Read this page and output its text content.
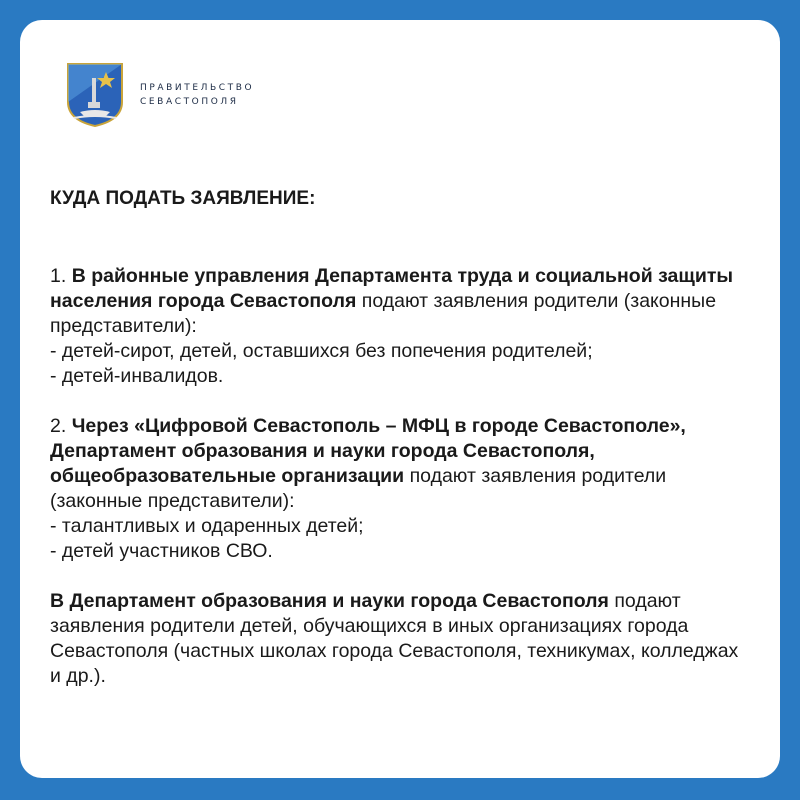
ПРАВИТЕЛЬСТВО
СЕВАСТОПОЛЯ
КУДА ПОДАТЬ ЗАЯВЛЕНИЕ:

1. В районные управления Департамента труда и социальной защиты населения города Севастополя подают заявления родители (законные представители):
- детей-сирот, детей, оставшихся без попечения родителей;
- детей-инвалидов.

2. Через «Цифровой Севастополь – МФЦ в городе Севастополе», Департамент образования и науки города Севастополя, общеобразовательные организации подают заявления родители (законные представители):
- талантливых и одаренных детей;
- детей участников СВО.

В Департамент образования и науки города Севастополя подают заявления родители детей, обучающихся в иных организациях города Севастополя (частных школах города Севастополя, техникумах, колледжах и др.).
